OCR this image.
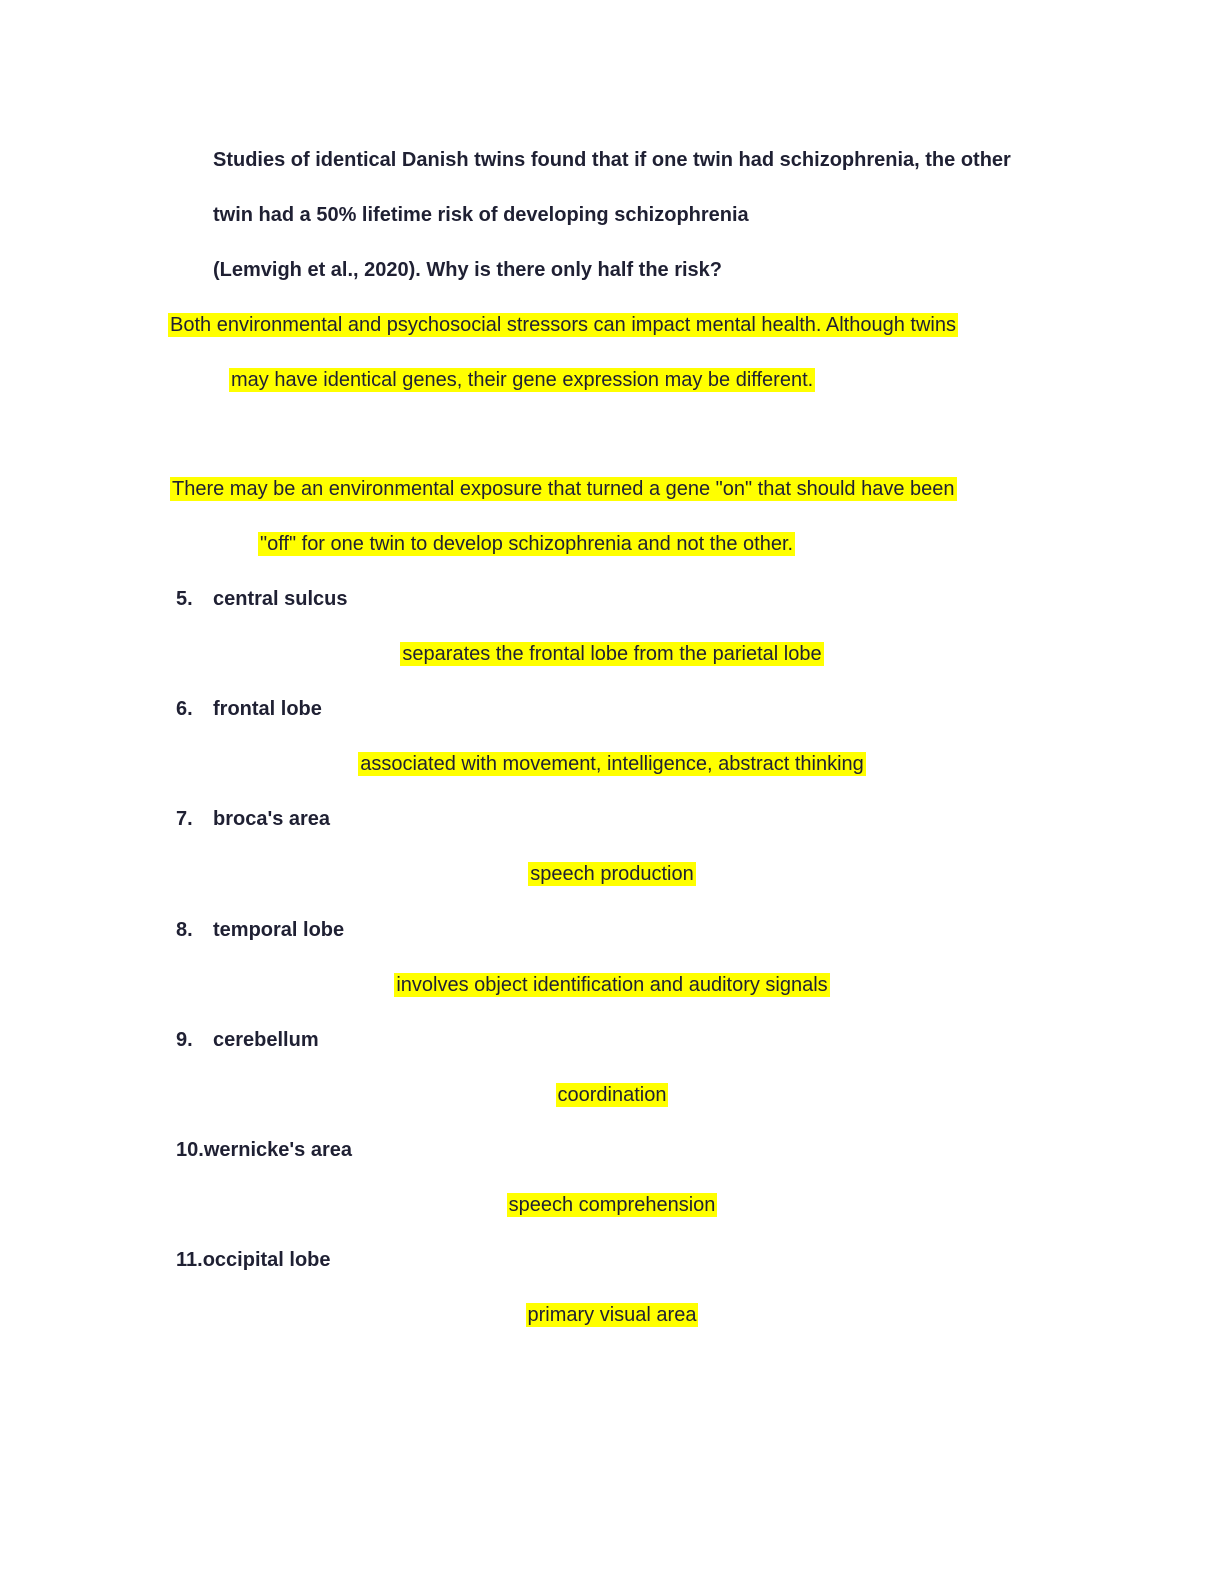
Studies of identical Danish twins found that if one twin had schizophrenia, the other
twin had a 50% lifetime risk of developing schizophrenia
(Lemvigh et al., 2020). Why is there only half the risk?
Both environmental and psychosocial stressors can impact mental health. Although twins
may have identical genes, their gene expression may be different.
There may be an environmental exposure that turned a gene "on" that should have been
"off" for one twin to develop schizophrenia and not the other.
5. central sulcus
separates the frontal lobe from the parietal lobe
6. frontal lobe
associated with movement, intelligence, abstract thinking
7. broca's area
speech production
8. temporal lobe
involves object identification and auditory signals
9. cerebellum
coordination
10.wernicke's area
speech comprehension
11.occipital lobe
primary visual area
